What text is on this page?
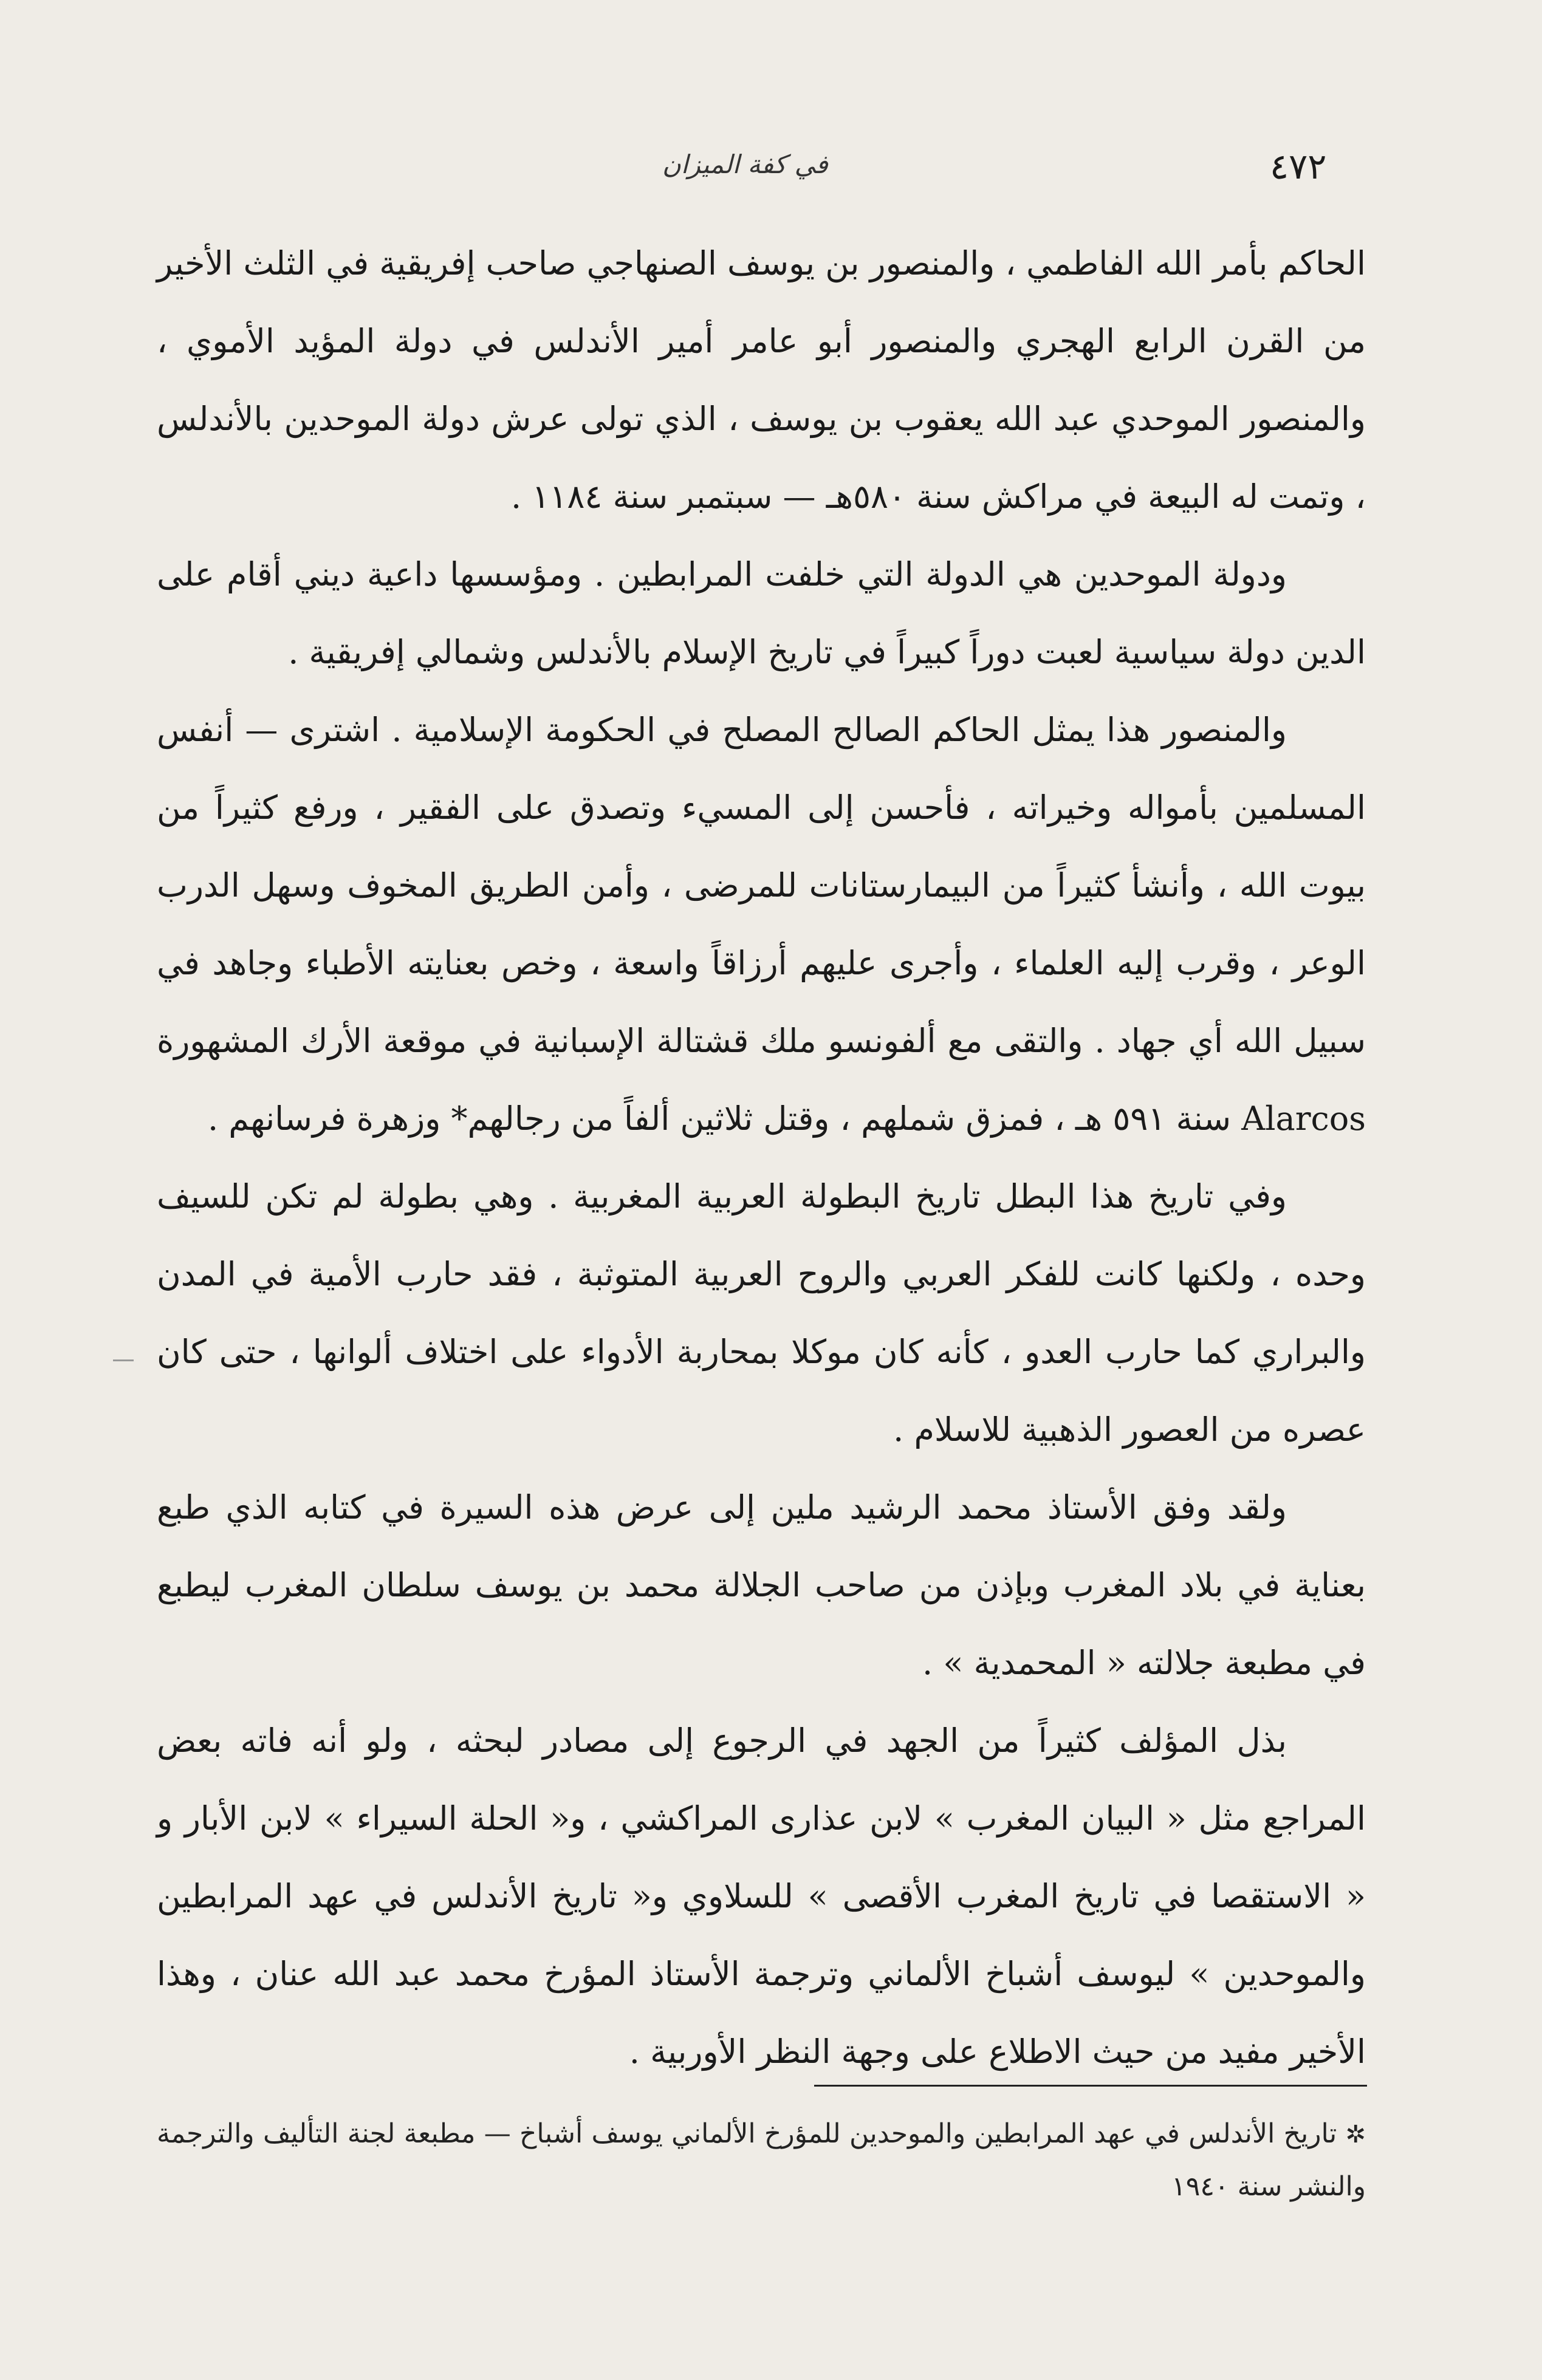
في كفة الميزان	٤٧٢

الحاكم بأمر الله الفاطمي ، والمنصور بن يوسف الصنهاجي صاحب إفريقية في الثلث الأخير من القرن الرابع الهجري والمنصور أبو عامر أمير الأندلس في دولة المؤيد الأموي ، والمنصور الموحدي عبد الله يعقوب بن يوسف ، الذي تولى عرش دولة الموحدين بالأندلس ، وتمت له البيعة في مراكش سنة ٥٨٠هـ — سبتمبر سنة ١١٨٤ .

ودولة الموحدين هي الدولة التي خلفت المرابطين . ومؤسسها داعية ديني أقام على الدين دولة سياسية لعبت دوراً كبيراً في تاريخ الإسلام بالأندلس وشمالي إفريقية .

والمنصور هذا يمثل الحاكم الصالح المصلح في الحكومة الإسلامية . اشترى — أنفس المسلمين بأمواله وخيراته ، فأحسن إلى المسيء وتصدق على الفقير ، ورفع كثيراً من بيوت الله ، وأنشأ كثيراً من البيمارستانات للمرضى ، وأمن الطريق المخوف وسهل الدرب الوعر ، وقرب إليه العلماء ، وأجرى عليهم أرزاقاً واسعة ، وخص بعنايته الأطباء وجاهد في سبيل الله أي جهاد . والتقى مع ألفونسو ملك قشتالة الإسبانية في موقعة الأرك المشهورة Alarcos سنة ٥٩١ هـ ، فمزق شملهم ، وقتل ثلاثين ألفاً من رجالهم* وزهرة فرسانهم .

وفي تاريخ هذا البطل تاريخ البطولة العربية المغربية . وهي بطولة لم تكن للسيف وحده ، ولكنها كانت للفكر العربي والروح العربية المتوثبة ، فقد حارب الأمية في المدن والبراري كما حارب العدو ، كأنه كان موكلا بمحاربة الأدواء على اختلاف ألوانها ، حتى كان عصره من العصور الذهبية للاسلام .

ولقد وفق الأستاذ محمد الرشيد ملين إلى عرض هذه السيرة في كتابه الذي طبع بعناية في بلاد المغرب وبإذن من صاحب الجلالة محمد بن يوسف سلطان المغرب ليطبع في مطبعة جلالته « المحمدية » .

بذل المؤلف كثيراً من الجهد في الرجوع إلى مصادر لبحثه ، ولو أنه فاته بعض المراجع مثل « البيان المغرب » لابن عذارى المراكشي ، و« الحلة السيراء » لابن الأبار و « الاستقصا في تاريخ المغرب الأقصى » للسلاوي و« تاريخ الأندلس في عهد المرابطين والموحدين » ليوسف أشباخ الألماني وترجمة الأستاذ المؤرخ محمد عبد الله عنان ، وهذا الأخير مفيد من حيث الاطلاع على وجهة النظر الأوربية .

✲ تاريخ الأندلس في عهد المرابطين والموحدين للمؤرخ الألماني يوسف أشباخ — مطبعة لجنة التأليف والترجمة والنشر سنة ١٩٤٠
